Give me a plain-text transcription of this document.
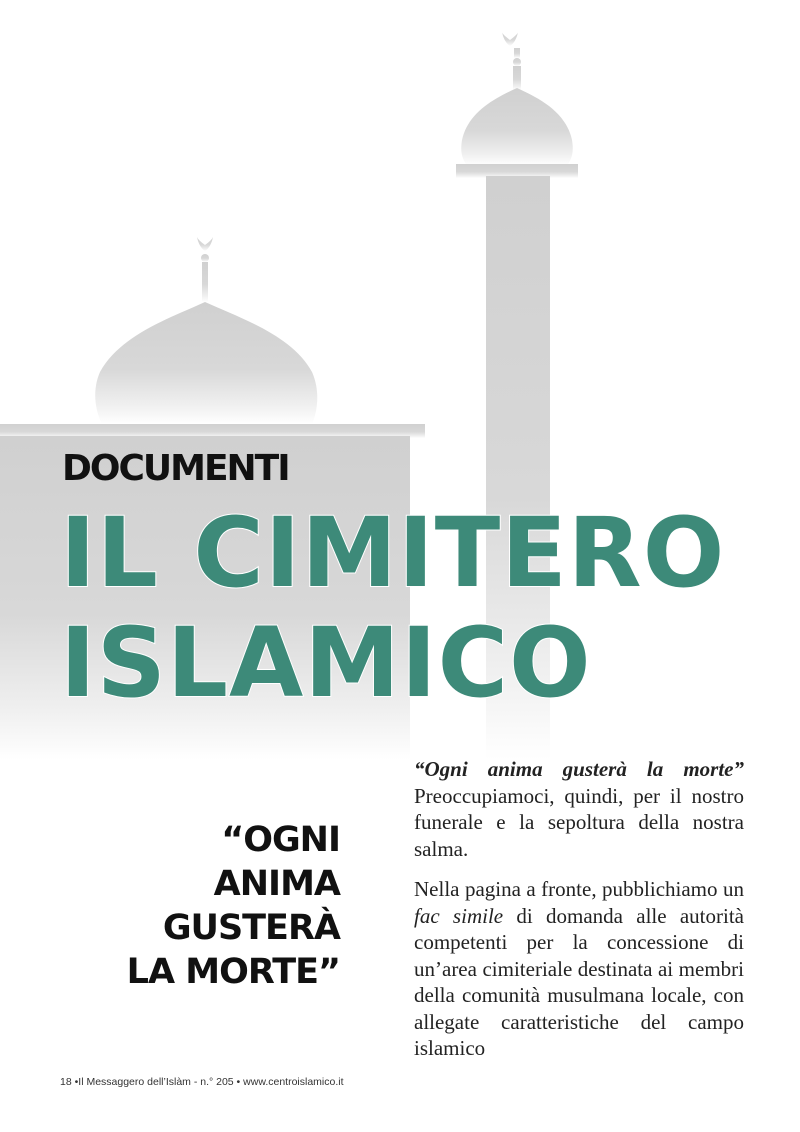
DOCUMENTI
IL CIMITERO
ISLAMICO
“OGNI
ANIMA
GUSTERÀ
LA MORTE”

“Ogni anima gusterà la morte” Preoccupiamoci, quindi, per il nostro funerale e la sepoltura della nostra salma.

Nella pagina a fronte, pubblichiamo un fac simile di domanda alle autorità competenti per la concessione di un’area cimiteriale destinata ai membri della comunità musulmana locale, con allegate caratteristiche del campo islamico

18 •Il Messaggero dell’Islàm - n.° 205 • www.centroislamico.it
